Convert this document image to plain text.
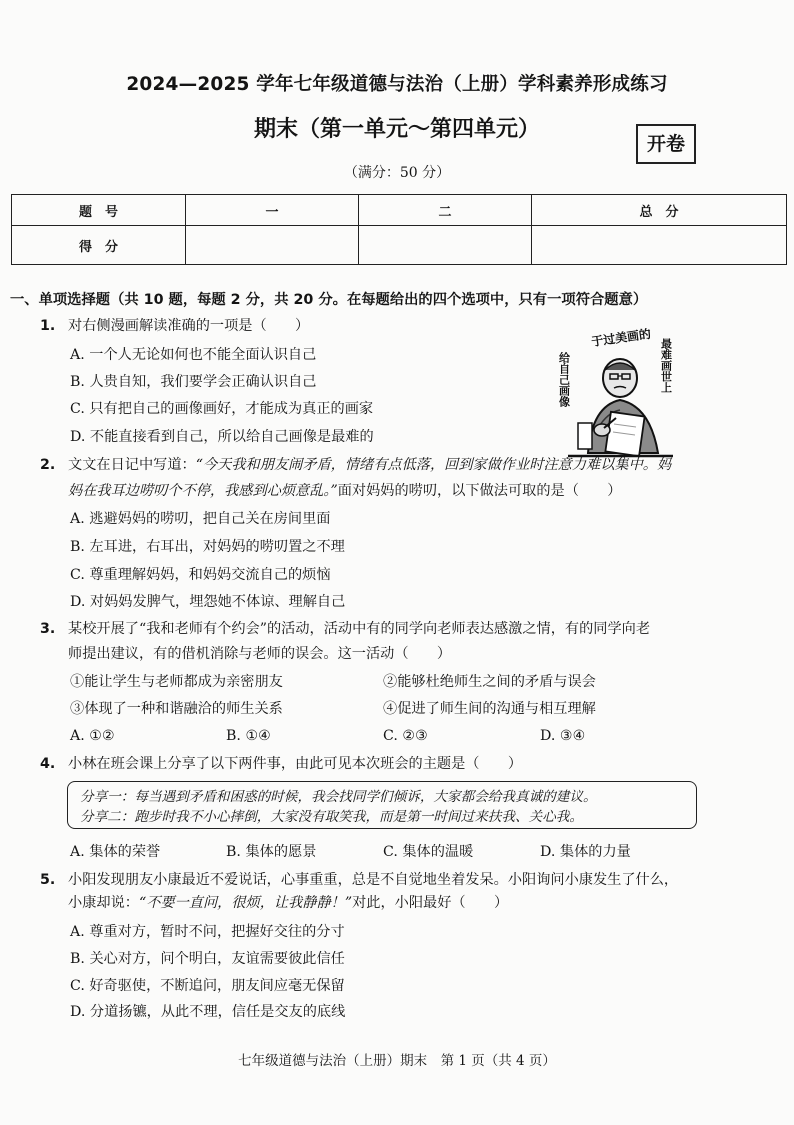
2024—2025 学年七年级道德与法治（上册）学科素养形成练习
期末（第一单元～第四单元）
开卷
（满分：50 分）
题　号	一	二	总　分
得　分			
一、单项选择题（共 10 题，每题 2 分，共 20 分。在每题给出的四个选项中，只有一项符合题意）
1. 对右侧漫画解读准确的一项是（　　）
A. 一个人无论如何也不能全面认识自己
B. 人贵自知，我们要学会正确认识自己
C. 只有把自己的画像画好，才能成为真正的画家
D. 不能直接看到自己，所以给自己画像是最难的
于过美画的
给自己画像	最难画世上
2. 文文在日记中写道：“今天我和朋友闹矛盾，情绪有点低落，回到家做作业时注意力难以集中。妈
妈在我耳边唠叨个不停，我感到心烦意乱。”面对妈妈的唠叨，以下做法可取的是（　　）
A. 逃避妈妈的唠叨，把自己关在房间里面
B. 左耳进，右耳出，对妈妈的唠叨置之不理
C. 尊重理解妈妈，和妈妈交流自己的烦恼
D. 对妈妈发脾气，埋怨她不体谅、理解自己
3. 某校开展了“我和老师有个约会”的活动，活动中有的同学向老师表达感激之情，有的同学向老
师提出建议，有的借机消除与老师的误会。这一活动（　　）
①能让学生与老师都成为亲密朋友	②能够杜绝师生之间的矛盾与误会
③体现了一种和谐融洽的师生关系	④促进了师生间的沟通与相互理解
A. ①②	B. ①④	C. ②③	D. ③④
4. 小林在班会课上分享了以下两件事，由此可见本次班会的主题是（　　）
分享一：每当遇到矛盾和困惑的时候，我会找同学们倾诉，大家都会给我真诚的建议。
分享二：跑步时我不小心摔倒，大家没有取笑我，而是第一时间过来扶我、关心我。
A. 集体的荣誉	B. 集体的愿景	C. 集体的温暖	D. 集体的力量
5. 小阳发现朋友小康最近不爱说话，心事重重，总是不自觉地坐着发呆。小阳询问小康发生了什么，
小康却说：“不要一直问，很烦，让我静静！”对此，小阳最好（　　）
A. 尊重对方，暂时不问，把握好交往的分寸
B. 关心对方，问个明白，友谊需要彼此信任
C. 好奇驱使，不断追问，朋友间应毫无保留
D. 分道扬镳，从此不理，信任是交友的底线
七年级道德与法治（上册）期末　第 1 页（共 4 页）
